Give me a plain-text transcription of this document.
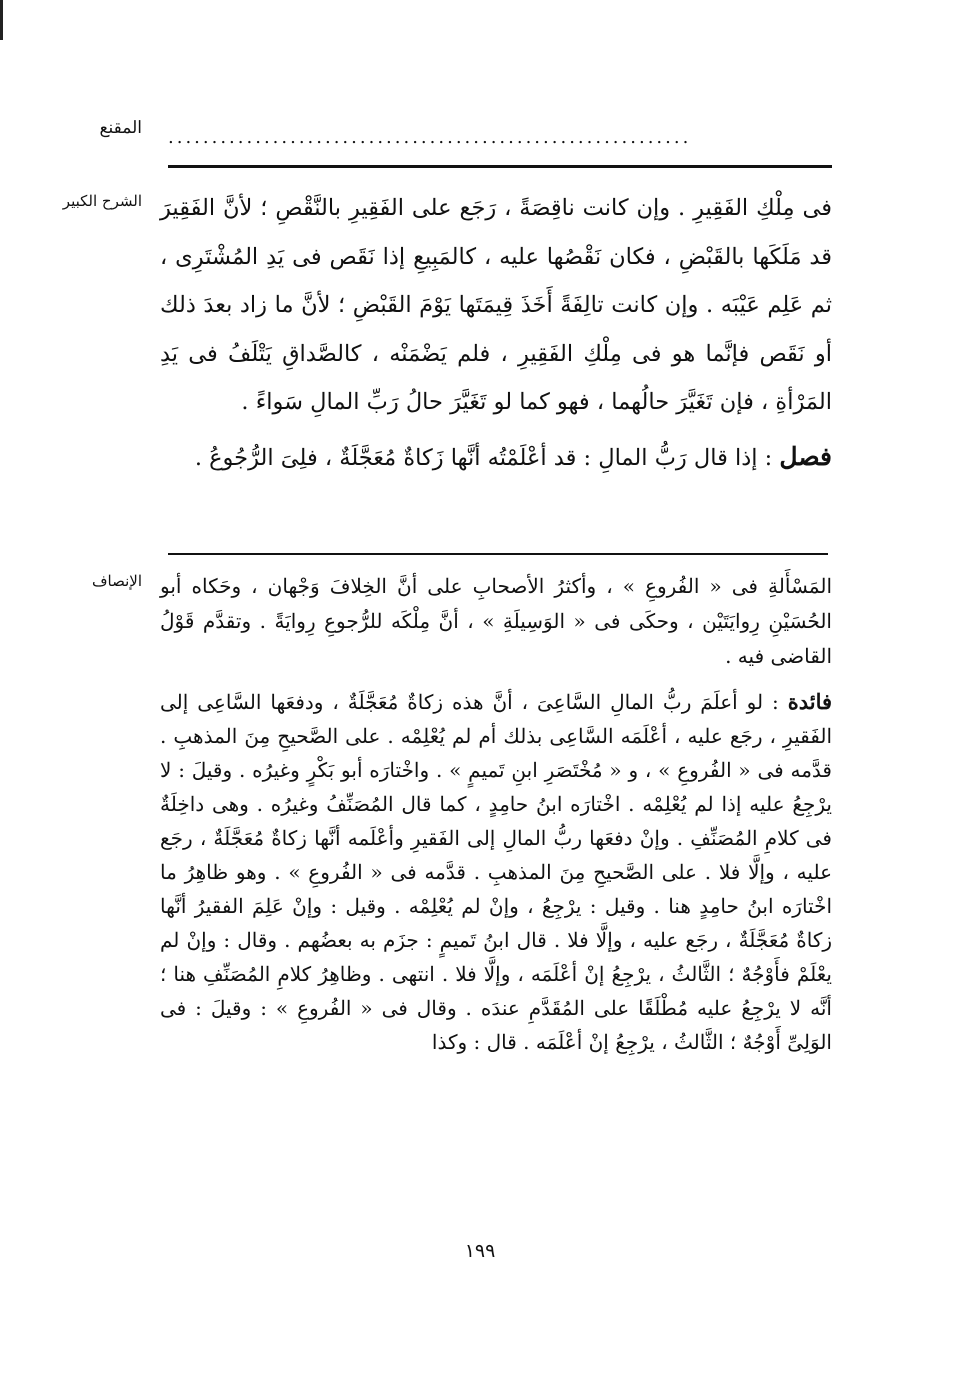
المقنع ............................................................
الشرح الكبير فى مِلْكِ الفَقِيرِ . وإن كانت ناقِصَةً ، رَجَع على الفَقِيرِ بالنَّقْصِ ؛ لأنَّ الفَقِيرَ قد مَلَكَها بالقَبْضِ ، فكان نَقْصُها عليه ، كالمَبِيعِ إذا نَقَص فى يَدِ المُشْتَرِى ، ثم عَلِم عَيْبَه . وإن كانت تالِفَةً أَخَذَ قِيمَتَها يَوْمَ القَبْضِ ؛ لأنَّ ما زاد بعدَ ذلك أو نَقَص فإنَّما هو فى مِلْكِ الفَقِيرِ ، فلم يَضْمَنْه ، كالصَّداقِ يَتْلَفُ فى يَدِ المَرْأةِ ، فإن تَغَيَّرَ حالُهما ، فهو كما لو تَغَيَّرَ حالُ رَبِّ المالِ سَواءً .

فصل : إذا قال رَبُّ المالِ : قد أعْلَمْتُه أنَّها زَكاةٌ مُعَجَّلَةٌ ، فلِىَ الرُّجُوعُ .

الإنصاف المَسْأَلةِ فى « الفُروعِ » ، وأكثرُ الأصحابِ على أنَّ الخِلافَ وَجْهان ، وحَكاه أبو الحُسَيْنِ رِوايَتَيْن ، وحكَى فى « الوَسِيلَةِ » ، أنَّ مِلْكَه للرُّجوعِ رِوايَةً . وتقدَّم قَوْلُ القاضى فيه .

فائدة : لو أعلَمَ ربُّ المالِ السَّاعِىَ ، أنَّ هذه زكاةٌ مُعَجَّلَةٌ ، ودفعَها السَّاعِى إلى الفَقيرِ ، رجَع عليه ، أعْلَمَه السَّاعِى بذلك أم لم يُعْلِمْه . على الصَّحيحِ مِنَ المذهبِ . قدَّمه فى « الفُروعِ » ، و « مُخْتَصَرِ ابنِ تَميمٍ » . واخْتارَه أبو بَكْرٍ وغيرُه . وقيلَ : لا يرْجِعُ عليه إذا لم يُعْلِمْه . اخْتارَه ابنُ حامِدٍ ، كما قال المُصَنِّفُ وغيرُه . وهى داخِلَةٌ فى كلامِ المُصَنِّفِ . وإنْ دفعَها ربُّ المالِ إلى الفَقيرِ وأعْلَمه أنَّها زكاةٌ مُعَجَّلَةٌ ، رجَع عليه ، وإلَّا فلا . على الصَّحيحِ مِنَ المذهبِ . قدَّمه فى « الفُروعِ » . وهو ظاهِرُ ما اخْتارَه ابنُ حامِدٍ هنا . وقيل : يرْجِعُ ، وإنْ لم يُعْلِمْه . وقيل : وإنْ عَلِمَ الفقيرُ أنَّها زكاةٌ مُعَجَّلَةٌ ، رجَع عليه ، وإلَّا فلا . قال ابنُ تَميمٍ : جزَم به بعضُهم . وقال : وإنْ لم يعْلَمْ فأَوْجُهٌ ؛ الثَّالثُ ، يرْجِعُ إنْ أعْلَمَه ، وإلَّا فلا . انتهى . وظاهِرُ كلامِ المُصَنِّفِ هنا ؛ أنَّه لا يرْجِعُ عليه مُطْلَقًا على المُقَدَّمِ عندَه . وقال فى « الفُروعِ » : وقيلَ : فى الوَلِىِّ أَوْجُهٌ ؛ الثَّالثُ ، يرْجِعُ إنْ أعْلَمَه . قال : وكذا

١٩٩
